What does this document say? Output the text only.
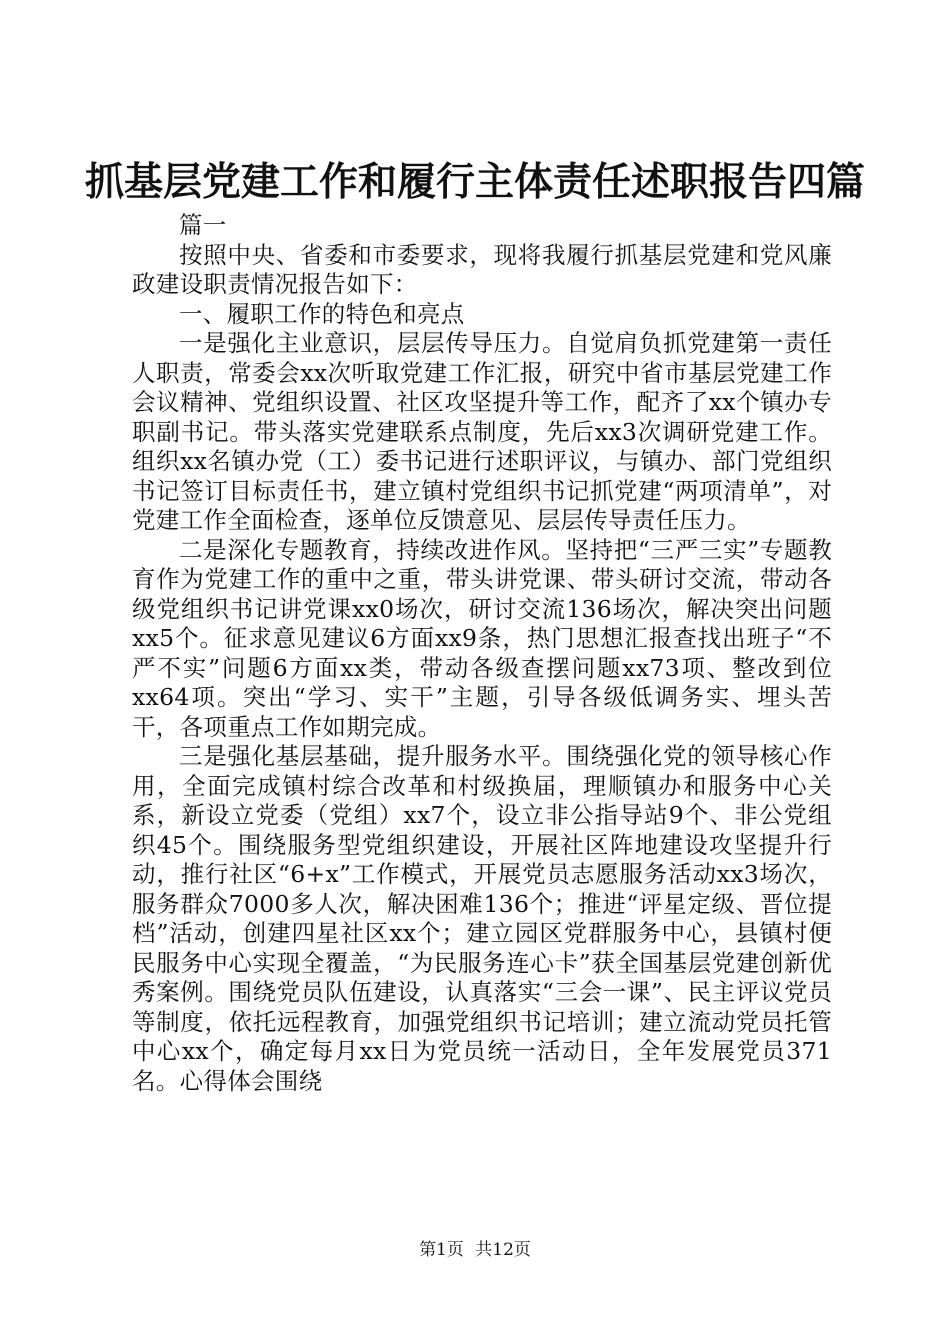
抓基层党建工作和履行主体责任述职报告四篇

篇一

按照中央、省委和市委要求，现将我履行抓基层党建和党风廉政建设职责情况报告如下：

一、履职工作的特色和亮点

一是强化主业意识，层层传导压力。自觉肩负抓党建第一责任人职责，常委会xx次听取党建工作汇报，研究中省市基层党建工作会议精神、党组织设置、社区攻坚提升等工作，配齐了xx个镇办专职副书记。带头落实党建联系点制度，先后xx3次调研党建工作。组织xx名镇办党（工）委书记进行述职评议，与镇办、部门党组织书记签订目标责任书，建立镇村党组织书记抓党建“两项清单”，对党建工作全面检查，逐单位反馈意见、层层传导责任压力。

二是深化专题教育，持续改进作风。坚持把“三严三实”专题教育作为党建工作的重中之重，带头讲党课、带头研讨交流，带动各级党组织书记讲党课xx0场次，研讨交流136场次，解决突出问题xx5个。征求意见建议6方面xx9条，热门思想汇报查找出班子“不严不实”问题6方面xx类，带动各级查摆问题xx73项、整改到位xx64项。突出“学习、实干”主题，引导各级低调务实、埋头苦干，各项重点工作如期完成。

三是强化基层基础，提升服务水平。围绕强化党的领导核心作用，全面完成镇村综合改革和村级换届，理顺镇办和服务中心关系，新设立党委（党组）xx7个，设立非公指导站9个、非公党组织45个。围绕服务型党组织建设，开展社区阵地建设攻坚提升行动，推行社区“6+x”工作模式，开展党员志愿服务活动xx3场次，服务群众7000多人次，解决困难136个；推进“评星定级、晋位提档”活动，创建四星社区xx个；建立园区党群服务中心，县镇村便民服务中心实现全覆盖，“为民服务连心卡”获全国基层党建创新优秀案例。围绕党员队伍建设，认真落实“三会一课”、民主评议党员等制度，依托远程教育，加强党组织书记培训；建立流动党员托管中心xx个，确定每月xx日为党员统一活动日，全年发展党员371名。心得体会围绕

第1页 共12页
